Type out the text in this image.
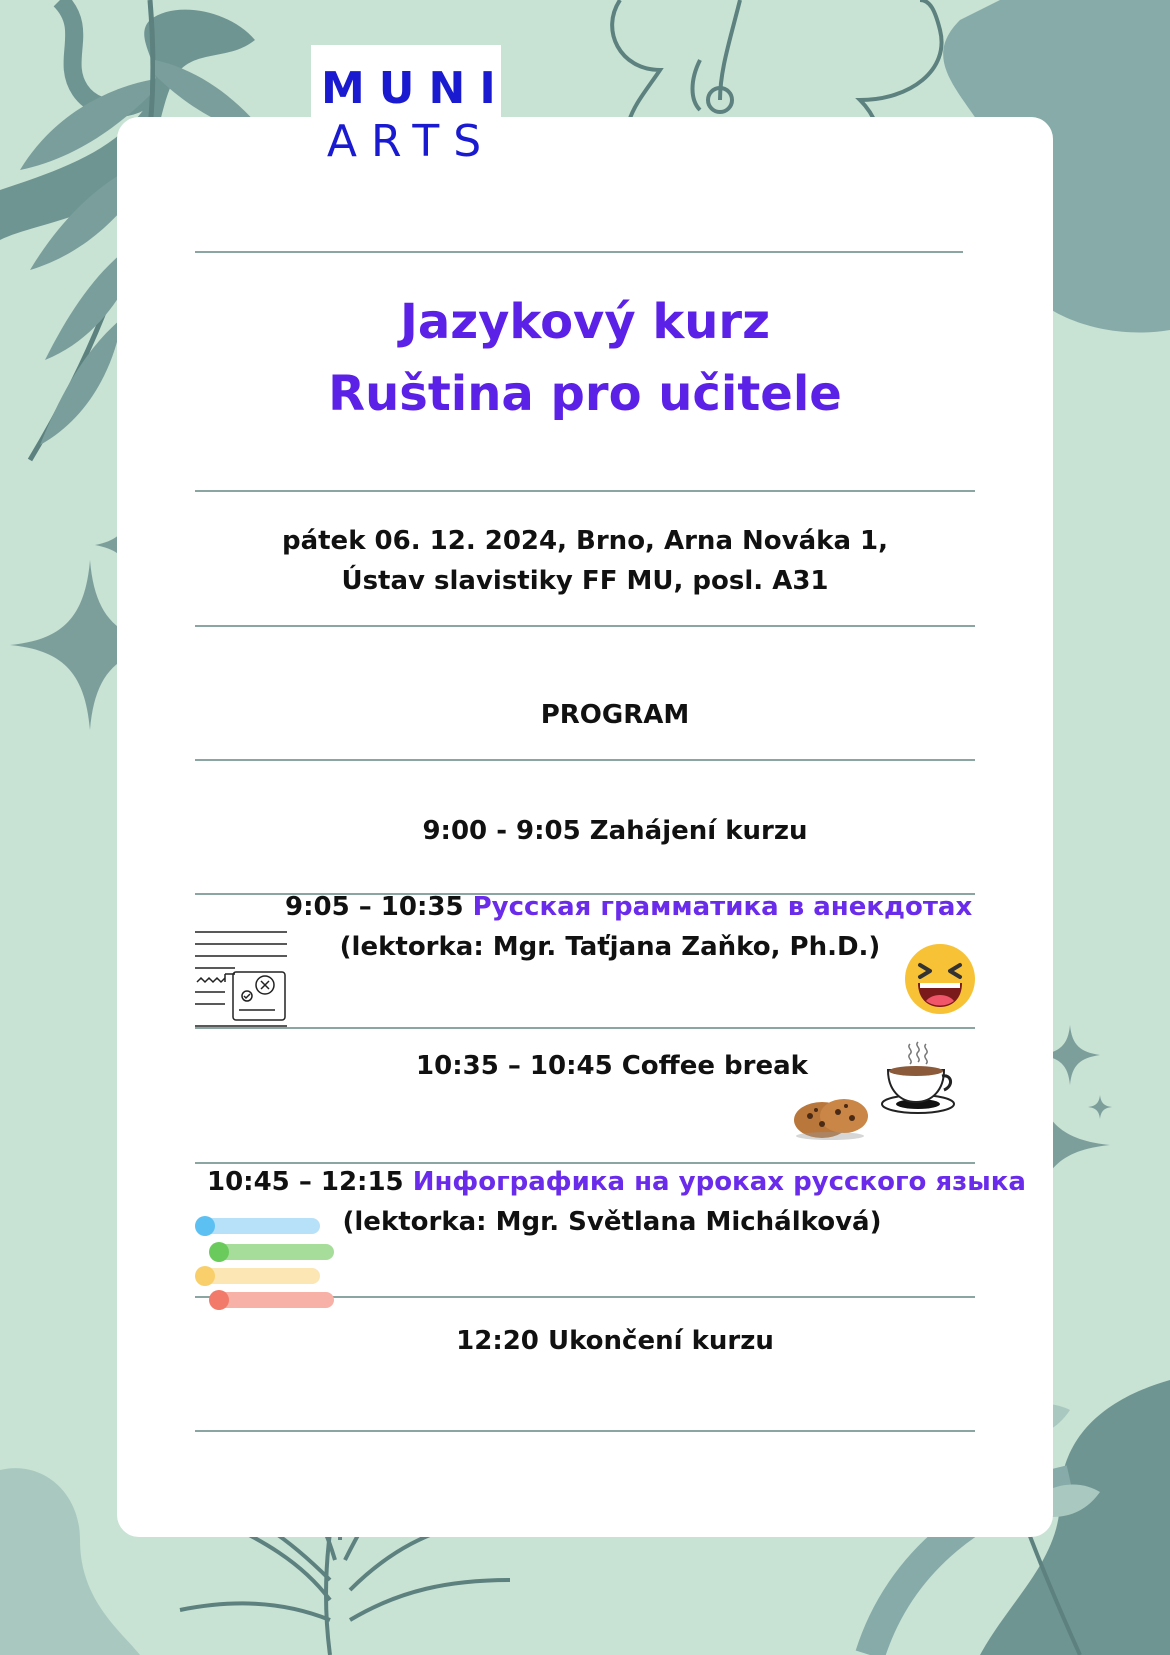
MUNI
ARTS
Jazykový kurz
Ruština pro učitele
pátek 06. 12. 2024, Brno, Arna Nováka 1,
Ústav slavistiky FF MU, posl. A31
PROGRAM
9:00 - 9:05 Zahájení kurzu
9:05 – 10:35 Русская грамматика в анекдотах
(lektorka: Mgr. Taťjana Zaňko, Ph.D.)
10:35 – 10:45 Coffee break
10:45 – 12:15 Инфографика на уроках русского языка
(lektorka: Mgr. Světlana Michálková)
12:20 Ukončení kurzu
